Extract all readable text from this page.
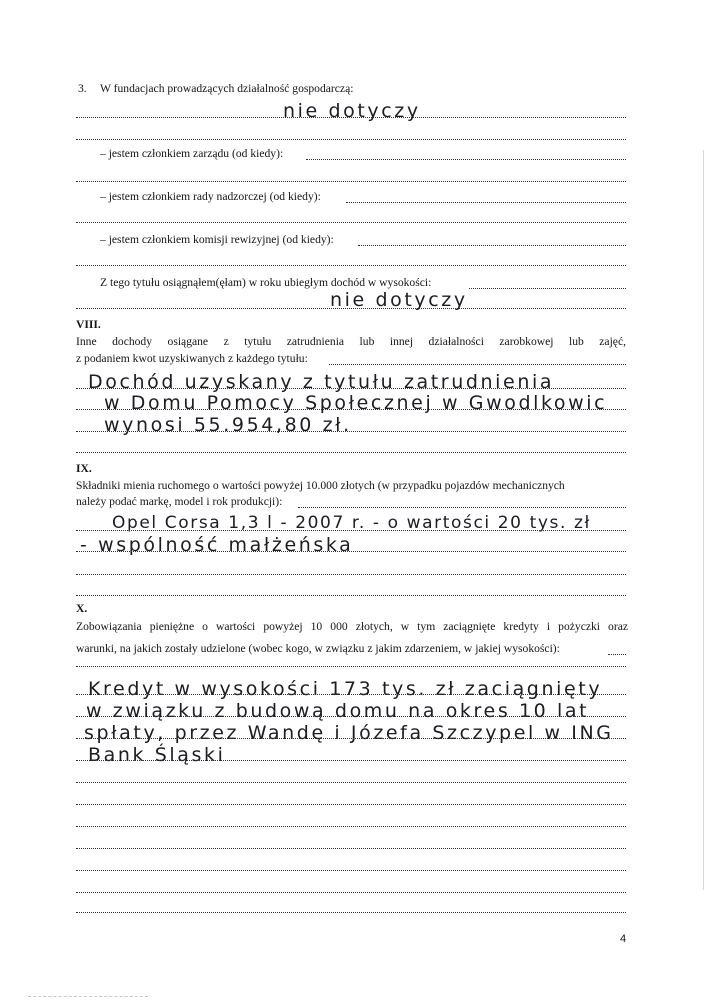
3. W fundacjach prowadzących działalność gospodarczą:
nie dotyczy
– jestem członkiem zarządu (od kiedy):
– jestem członkiem rady nadzorczej (od kiedy):
– jestem członkiem komisji rewizyjnej (od kiedy):
Z tego tytułu osiągnąłem(ęłam) w roku ubiegłym dochód w wysokości:
nie dotyczy
VIII.
Inne dochody osiągane z tytułu zatrudnienia lub innej działalności zarobkowej lub zajęć,
z podaniem kwot uzyskiwanych z każdego tytułu:
Dochód uzyskany z tytułu zatrudnienia
w Domu Pomocy Społecznej w Gwodlkowic
wynosi 55.954,80 zł.
IX.
Składniki mienia ruchomego o wartości powyżej 10.000 złotych (w przypadku pojazdów mechanicznych
należy podać markę, model i rok produkcji):
Opel Corsa 1,3 l - 2007 r. - o wartości 20 tys. zł
- wspólność małżeńska
X.
Zobowiązania pieniężne o wartości powyżej 10 000 złotych, w tym zaciągnięte kredyty i pożyczki oraz
warunki, na jakich zostały udzielone (wobec kogo, w związku z jakim zdarzeniem, w jakiej wysokości):
Kredyt w wysokości 173 tys. zł zaciągnięty
w związku z budową domu na okres 10 lat
spłaty, przez Wandę i Józefa Szczypel w ING
Bank Śląski
4
